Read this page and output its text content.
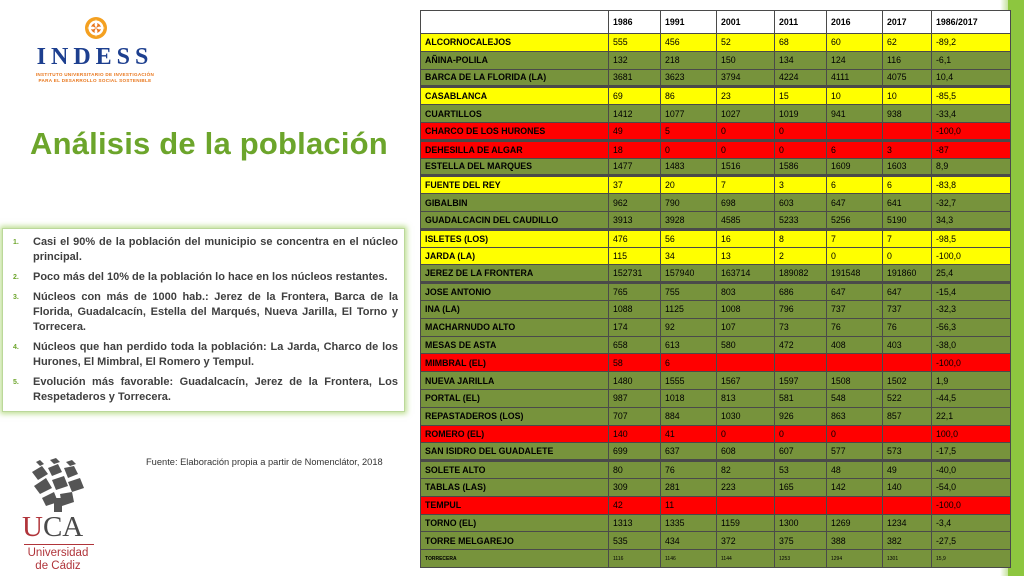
INDESS
INSTITUTO UNIVERSITARIO DE INVESTIGACIÓN
PARA EL DESARROLLO SOCIAL SOSTENIBLE
Análisis de la población
1. Casi el 90% de la población del municipio se concentra en el núcleo principal.
2. Poco más del 10% de la población lo hace en los núcleos restantes.
3. Núcleos con más de 1000 hab.: Jerez de la Frontera, Barca de la Florida, Guadalcacín, Estella del Marqués, Nueva Jarilla, El Torno y Torrecera.
4. Núcleos que han perdido toda la población: La Jarda, Charco de los Hurones, El Mimbral, El Romero y Tempul.
5. Evolución más favorable: Guadalcacín, Jerez de la Frontera, Los Respetaderos y Torrecera.
Fuente: Elaboración propia a partir de Nomenclátor, 2018
UCA
Universidad
de Cádiz
	1986	1991	2001	2011	2016	2017	1986/2017
ALCORNOCALEJOS	555	456	52	68	60	62	-89,2
AÑINA-POLILA	132	218	150	134	124	116	-6,1
BARCA DE LA FLORIDA (LA)	3681	3623	3794	4224	4111	4075	10,4
CASABLANCA	69	86	23	15	10	10	-85,5
CUARTILLOS	1412	1077	1027	1019	941	938	-33,4
CHARCO DE LOS HURONES	49	5	0	0			-100,0
DEHESILLA DE ALGAR	18	0	0	0	6	3	-87
ESTELLA DEL MARQUES	1477	1483	1516	1586	1609	1603	8,9
FUENTE DEL REY	37	20	7	3	6	6	-83,8
GIBALBIN	962	790	698	603	647	641	-32,7
GUADALCACIN DEL CAUDILLO	3913	3928	4585	5233	5256	5190	34,3
ISLETES (LOS)	476	56	16	8	7	7	-98,5
JARDA (LA)	115	34	13	2	0	0	-100,0
JEREZ DE LA FRONTERA	152731	157940	163714	189082	191548	191860	25,4
JOSE ANTONIO	765	755	803	686	647	647	-15,4
INA (LA)	1088	1125	1008	796	737	737	-32,3
MACHARNUDO ALTO	174	92	107	73	76	76	-56,3
MESAS DE ASTA	658	613	580	472	408	403	-38,0
MIMBRAL (EL)	58	6					-100,0
NUEVA JARILLA	1480	1555	1567	1597	1508	1502	1,9
PORTAL (EL)	987	1018	813	581	548	522	-44,5
REPASTADEROS (LOS)	707	884	1030	926	863	857	22,1
ROMERO (EL)	140	41	0	0	0		100,0
SAN ISIDRO DEL GUADALETE	699	637	608	607	577	573	-17,5
SOLETE ALTO	80	76	82	53	48	49	-40,0
TABLAS (LAS)	309	281	223	165	142	140	-54,0
TEMPUL	42	11					-100,0
TORNO (EL)	1313	1335	1159	1300	1269	1234	-3,4
TORRE MELGAREJO	535	434	372	375	388	382	-27,5
TORRECERA	1116	1146	1144	1253	1294	1301	15,9
